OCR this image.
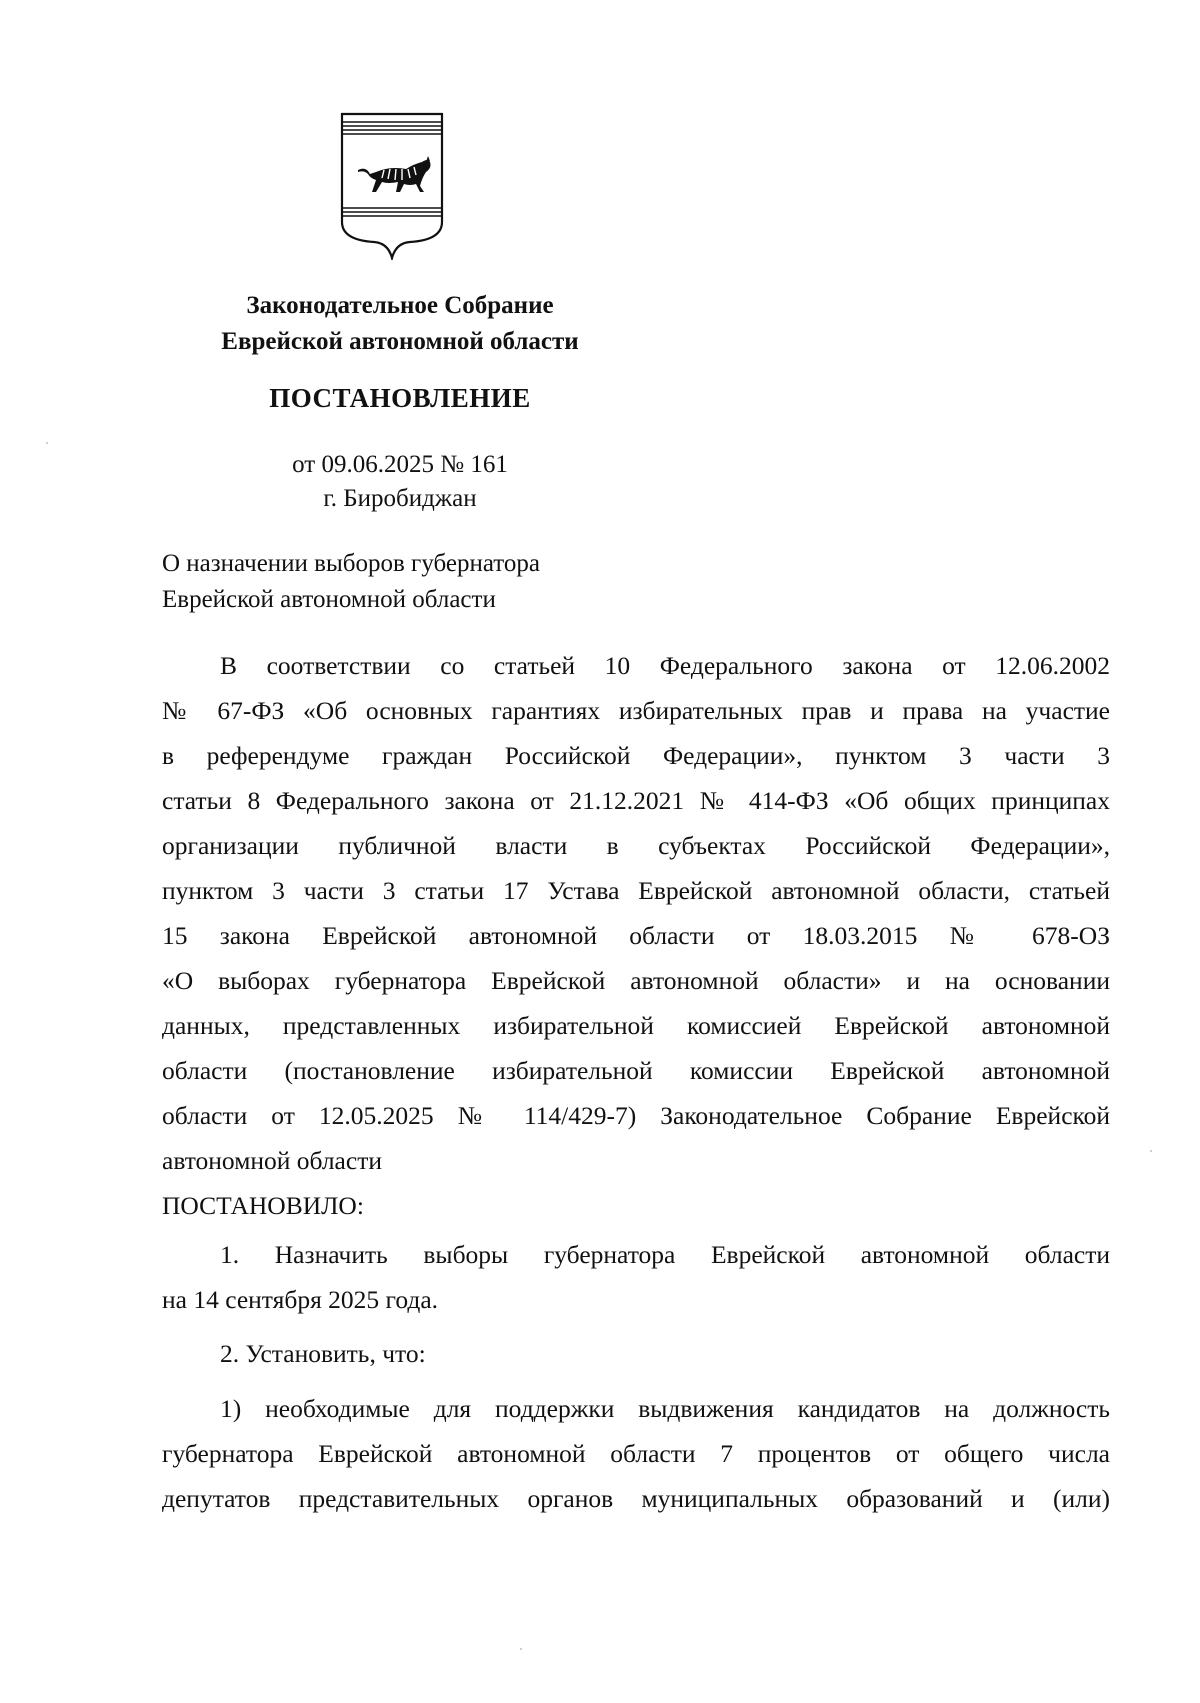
Законодательное Собрание
Еврейской автономной области
ПОСТАНОВЛЕНИЕ
от 09.06.2025 № 161
г. Биробиджан
О назначении выборов губернатора
Еврейской автономной области
В соответствии со статьей 10 Федерального закона от 12.06.2002
№ 67-ФЗ «Об основных гарантиях избирательных прав и права на участие
в референдуме граждан Российской Федерации», пунктом 3 части 3
статьи 8 Федерального закона от 21.12.2021 № 414-ФЗ «Об общих принципах
организации публичной власти в субъектах Российской Федерации»,
пунктом 3 части 3 статьи 17 Устава Еврейской автономной области, статьей
15 закона Еврейской автономной области от 18.03.2015 № 678-ОЗ
«О выборах губернатора Еврейской автономной области» и на основании
данных, представленных избирательной комиссией Еврейской автономной
области (постановление избирательной комиссии Еврейской автономной
области от 12.05.2025 № 114/429-7) Законодательное Собрание Еврейской
автономной области
ПОСТАНОВИЛО:
1. Назначить выборы губернатора Еврейской автономной области
на 14 сентября 2025 года.
2. Установить, что:
1) необходимые для поддержки выдвижения кандидатов на должность
губернатора Еврейской автономной области 7 процентов от общего числа
депутатов представительных органов муниципальных образований и (или)
